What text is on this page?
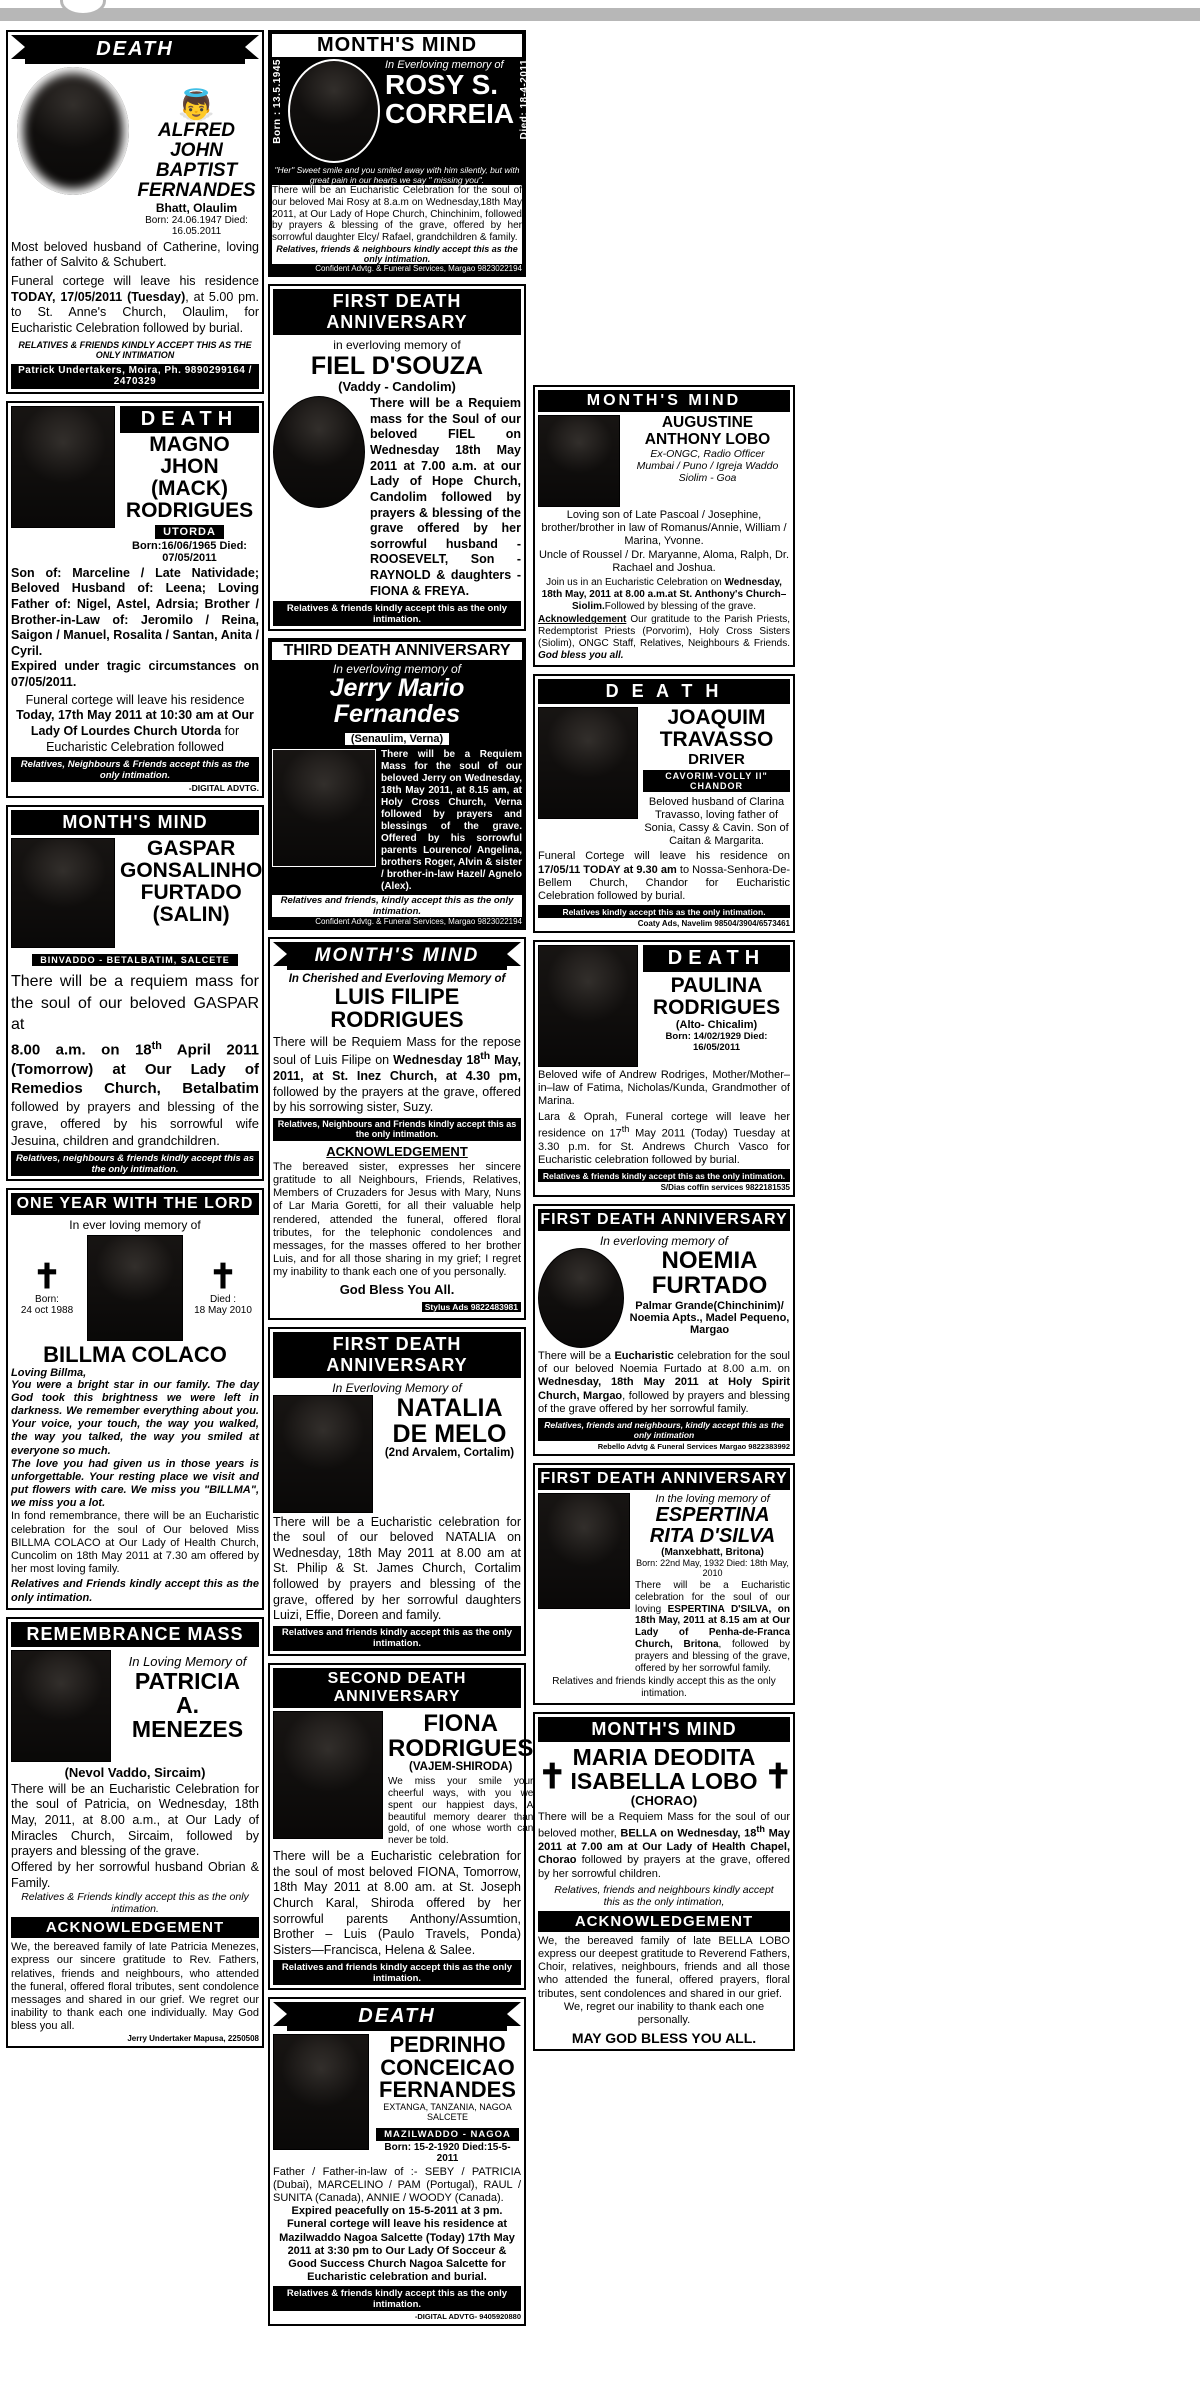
DEATH
👼
ALFRED
JOHN BAPTIST
FERNANDES
Bhatt, Olaulim
Born: 24.06.1947 Died: 16.05.2011
Most beloved husband of Catherine, loving father of Salvito & Schubert.
Funeral cortege will leave his residence TODAY, 17/05/2011 (Tuesday), at 5.00 pm. to St. Anne's Church, Olaulim, for Eucharistic Celebration followed by burial.
RELATIVES & FRIENDS KINDLY ACCEPT THIS AS THE ONLY INTIMATION
Patrick Undertakers, Moira, Ph. 9890299164 / 2470329
DEATH
MAGNO
JHON (MACK)
RODRIGUES
UTORDA
Born:16/06/1965 Died: 07/05/2011
Son of: Marceline / Late Natividade; Beloved Husband of: Leena; Loving Father of: Nigel, Astel, Adrsia; Brother / Brother-in-Law of: Jeromilo / Reina, Saigon / Manuel, Rosalita / Santan, Anita / Cyril.
Expired under tragic circumstances on 07/05/2011.
Funeral cortege will leave his residence Today, 17th May 2011 at 10:30 am at Our Lady Of Lourdes Church Utorda for Eucharistic Celebration followed
Relatives, Neighbours & Friends accept this as the only intimation.
-DIGITAL ADVTG.
MONTH'S MIND
GASPAR
GONSALINHO
FURTADO
(SALIN)
BINVADDO - BETALBATIM, SALCETE
There will be a requiem mass for the soul of our beloved GASPAR at
8.00 a.m. on 18th April 2011 (Tomorrow) at Our Lady of Remedios Church, Betalbatim followed by prayers and blessing of the grave, offered by his sorrowful wife Jesuina, children and grandchildren.
Relatives, neighbours & friends kindly accept this as the only intimation.
ONE YEAR WITH THE LORD
In ever loving memory of
✝
Born:
24 oct 1988
✝
Died :
18 May 2010
BILLMA COLACO
Loving Billma,
You were a bright star in our family. The day God took this brightness we were left in darkness. We remember everything about you. Your voice, your touch, the way you walked, the way you talked, the way you smiled at everyone so much.
The love you had given us in those years is unforgettable. Your resting place we visit and put flowers with care. We miss you "BILLMA", we miss you a lot.
In fond remembrance, there will be an Eucharistic celebration for the soul of Our beloved Miss BILLMA COLACO at Our Lady of Health Church, Cuncolim on 18th May 2011 at 7.30 am offered by her most loving family.
Relatives and Friends kindly accept this as the only intimation.
REMEMBRANCE MASS
In Loving Memory of
PATRICIA
A.
MENEZES
(Nevol Vaddo, Sircaim)
There will be an Eucharistic Celebration for the soul of Patricia, on Wednesday, 18th May, 2011, at 8.00 a.m., at Our Lady of Miracles Church, Sircaim, followed by prayers and blessing of the grave.
Offered by her sorrowful husband Obrian & Family.
Relatives & Friends kindly accept this as the only intimation.
ACKNOWLEDGEMENT
We, the bereaved family of late Patricia Menezes, express our sincere gratitude to Rev. Fathers, relatives, friends and neighbours, who attended the funeral, offered floral tributes, sent condolence messages and shared in our grief. We regret our inability to thank each one individually. May God bless you all.
Jerry Undertaker Mapusa, 2250508
MONTH'S MIND
Born : 13.5.1945	In Everloving memory of
ROSY S.
CORREIA Died: 18-4-2011
"Her" Sweet smile and you smiled away with him silently, but with great pain in our hearts we say " missing you".
There will be an Eucharistic Celebration for the soul of our beloved Mai Rosy at 8.a.m on Wednesday,18th May 2011, at Our Lady of Hope Church, Chinchinim, followed by prayers & blessing of the grave, offered by her sorrowful daughter Elcy/ Rafael, grandchildren & family.
Relatives, friends & neighbours kindly accept this as the only intimation.
Confident Advtg. & Funeral Services, Margao 9823022194
FIRST DEATH ANNIVERSARY
in everloving memory of
FIEL D'SOUZA
(Vaddy - Candolim)
There will be a Requiem mass for the Soul of our beloved FIEL on Wednesday 18th May 2011 at 7.00 a.m. at our Lady of Hope Church, Candolim followed by prayers & blessing of the grave offered by her sorrowful husband - ROOSEVELT, Son - RAYNOLD & daughters - FIONA & FREYA.
Relatives & friends kindly accept this as the only intimation.
THIRD DEATH ANNIVERSARY
In everloving memory of
Jerry Mario
Fernandes
(Senaulim, Verna)
There will be a Requiem Mass for the soul of our beloved Jerry on Wednesday, 18th May 2011, at 8.15 am, at Holy Cross Church, Verna followed by prayers and blessings of the grave. Offered by his sorrowful parents Lourenco/ Angelina, brothers Roger, Alvin & sister / brother-in-law Hazel/ Agnelo (Alex).
Relatives and friends, kindly accept this as the only intimation.
Confident Advtg. & Funeral Services, Margao 9823022194
MONTH'S MIND
In Cherished and Everloving Memory of
LUIS FILIPE RODRIGUES
There will be Requiem Mass for the repose soul of Luis Filipe on Wednesday 18th May, 2011, at St. Inez Church, at 4.30 pm, followed by the prayers at the grave, offered by his sorrowing sister, Suzy.
Relatives, Neighbours and Friends kindly accept this as the only intimation.
ACKNOWLEDGEMENT
The bereaved sister, expresses her sincere gratitude to all Neighbours, Friends, Relatives, Members of Cruzaders for Jesus with Mary, Nuns of Lar Maria Goretti, for all their valuable help rendered, attended the funeral, offered floral tributes, for the telephonic condolences and messages, for the masses offered to her brother Luis, and for all those sharing in my grief; I regret my inability to thank each one of you personally.
God Bless You All.
Stylus Ads 9822483981
FIRST DEATH ANNIVERSARY
In Everloving Memory of
NATALIA
DE MELO
(2nd Arvalem, Cortalim)
There will be a Eucharistic celebration for the soul of our beloved NATALIA on Wednesday, 18th May 2011 at 8.00 am at St. Philip & St. James Church, Cortalim followed by prayers and blessing of the grave, offered by her sorrowful daughters Luizi, Effie, Doreen and family.
Relatives and friends kindly accept this as the only intimation.
SECOND DEATH ANNIVERSARY
FIONA
RODRIGUES
(VAJEM-SHIRODA)
We miss your smile your cheerful ways, with you we spent our happiest days, A beautiful memory dearer than gold, of one whose worth can never be told.
There will be a Eucharistic celebration for the soul of most beloved FIONA, Tomorrow, 18th May 2011 at 8.00 am. at St. Joseph Church Karal, Shiroda offered by her sorrowful parents Anthony/Assumtion, Brother – Luis (Paulo Travels, Ponda) Sisters—Francisca, Helena & Salee.
Relatives and friends kindly accept this as the only intimation.
DEATH
PEDRINHO
CONCEICAO
FERNANDES
EXTANGA, TANZANIA, NAGOA SALCETE
MAZILWADDO - NAGOA
Born: 15-2-1920 Died:15-5-2011
Father / Father-in-law of :- SEBY / PATRICIA (Dubai), MARCELINO / PAM (Portugal), RAUL / SUNITA (Canada), ANNIE / WOODY (Canada).
Expired peacefully on 15-5-2011 at 3 pm.
Funeral cortege will leave his residence at Mazilwaddo Nagoa Salcette (Today) 17th May 2011 at 3:30 pm to Our Lady Of Socceur & Good Success Church Nagoa Salcette for Eucharistic celebration and burial.
Relatives & friends kindly accept this as the only intimation.
-DIGITAL ADVTG- 9405920880
MONTH'S MIND
AUGUSTINE ANTHONY LOBO
Ex-ONGC, Radio Officer
Mumbai / Puno / Igreja Waddo
Siolim - Goa
Loving son of Late Pascoal / Josephine, brother/brother in law of Romanus/Annie, William / Marina, Yvonne.
Uncle of Roussel / Dr. Maryanne, Aloma, Ralph, Dr. Rachael and Joshua.
Join us in an Eucharistic Celebration on Wednesday, 18th May, 2011 at 8.00 a.m.at St. Anthony's Church–Siolim.Followed by blessing of the grave.
Acknowledgement Our gratitude to the Parish Priests, Redemptorist Priests (Porvorim), Holy Cross Sisters (Siolim), ONGC Staff, Relatives, Neighbours & Friends. God bless you all.
D E A T H
JOAQUIM TRAVASSO
DRIVER
CAVORIM-VOLLY II" CHANDOR
Beloved husband of Clarina Travasso, loving father of Sonia, Cassy & Cavin. Son of Caitan & Margarita.
Funeral Cortege will leave his residence on 17/05/11 TODAY at 9.30 am to Nossa-Senhora-De-Bellem Church, Chandor for Eucharistic Celebration followed by burial.
Relatives kindly accept this as the only intimation.
Coaty Ads, Navelim 98504/3904/6573461
DEATH
PAULINA
RODRIGUES
(Alto- Chicalim)
Born: 14/02/1929 Died: 16/05/2011
Beloved wife of Andrew Rodriges, Mother/Mother–in–law of Fatima, Nicholas/Kunda, Grandmother of Marina.
Lara & Oprah, Funeral cortege will leave her residence on 17th May 2011 (Today) Tuesday at 3.30 p.m. for St. Andrews Church Vasco for Eucharistic celebration followed by burial.
Relatives & friends kindly accept this as the only intimation.
S/Dias coffin services 9822181535
FIRST DEATH ANNIVERSARY
In everloving memory of
NOEMIA
FURTADO
Palmar Grande(Chinchinim)/
Noemia Apts., Madel Pequeno,
Margao
There will be a Eucharistic celebration for the soul of our beloved Noemia Furtado at 8.00 a.m. on Wednesday, 18th May 2011 at Holy Spirit Church, Margao, followed by prayers and blessing of the grave offered by her sorrowful family.
Relatives, friends and neighbours, kindly accept this as the only intimation
Rebello Advtg & Funeral Services Margao 9822383992
FIRST DEATH ANNIVERSARY
In the loving memory of
ESPERTINA
RITA D'SILVA
(Manxebhatt, Britona)
Born: 22nd May, 1932 Died: 18th May, 2010
There will be a Eucharistic celebration for the soul of our loving ESPERTINA D'SILVA, on 18th May, 2011 at 8.15 am at Our Lady of Penha-de-Franca Church, Britona, followed by prayers and blessing of the grave, offered by her sorrowful family.
Relatives and friends kindly accept this as the only intimation.
MONTH'S MIND
✝
MARIA DEODITA
ISABELLA LOBO
(CHORAO)
✝
There will be a Requiem Mass for the soul of our beloved mother, BELLA on Wednesday, 18th May 2011 at 7.00 am at Our Lady of Health Chapel, Chorao followed by prayers at the grave, offered by her sorrowful children.
Relatives, friends and neighbours kindly accept
this as the only intimation,
ACKNOWLEDGEMENT
We, the bereaved family of late BELLA LOBO express our deepest gratitude to Reverend Fathers, Choir, relatives, neighbours, friends and all those who attended the funeral, offered prayers, floral tributes, sent condolences and shared in our grief.
We, regret our inability to thank each one personally.
MAY GOD BLESS YOU ALL.
